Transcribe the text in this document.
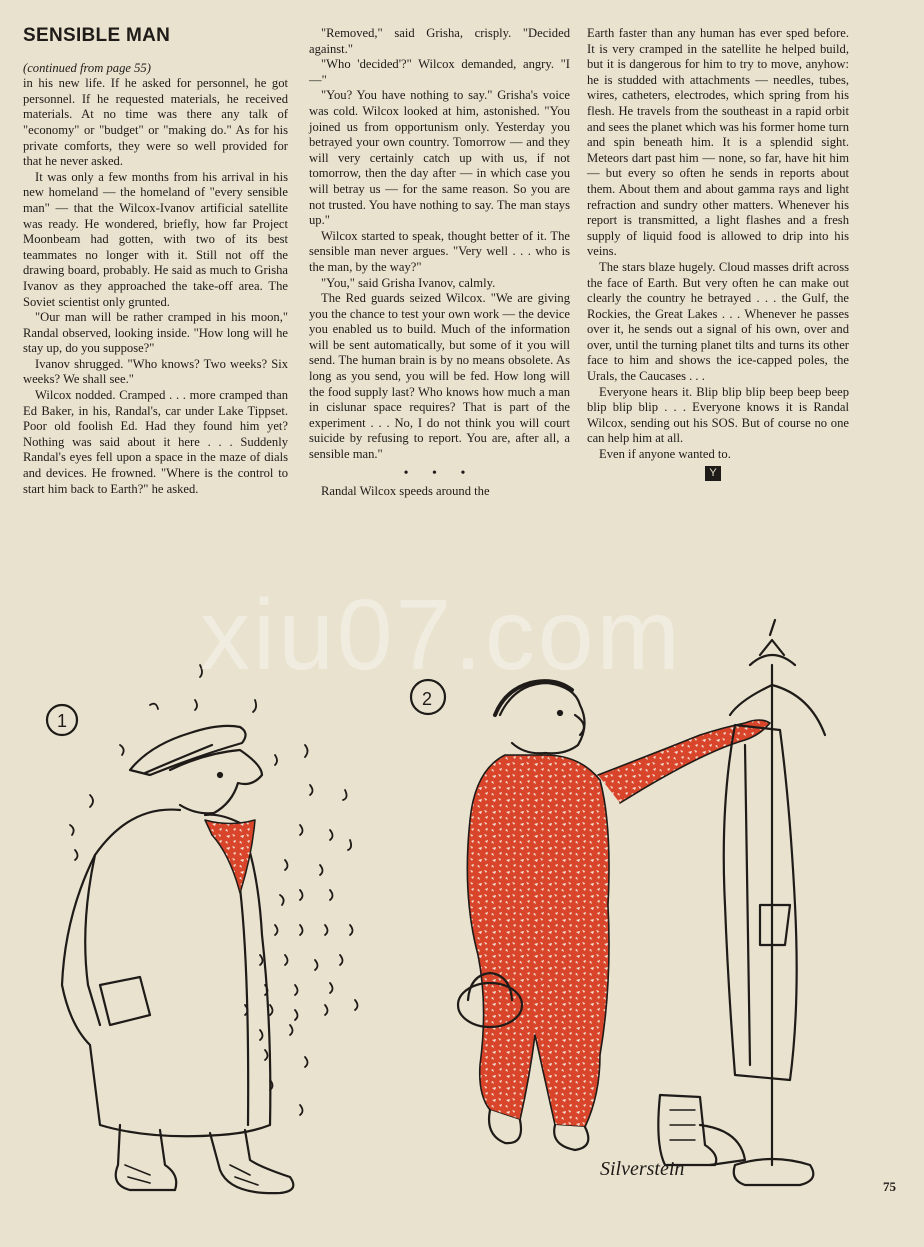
SENSIBLE MAN

(continued from page 55)

in his new life. If he asked for personnel, he got personnel. If he requested materials, he received materials. At no time was there any talk of "economy" or "budget" or "making do." As for his private comforts, they were so well provided for that he never asked.

It was only a few months from his arrival in his new homeland — the homeland of "every sensible man" — that the Wilcox-Ivanov artificial satellite was ready. He wondered, briefly, how far Project Moonbeam had gotten, with two of its best teammates no longer with it. Still not off the drawing board, probably. He said as much to Grisha Ivanov as they approached the take-off area. The Soviet scientist only grunted.

"Our man will be rather cramped in his moon," Randal observed, looking inside. "How long will he stay up, do you suppose?"

Ivanov shrugged. "Who knows? Two weeks? Six weeks? We shall see."

Wilcox nodded. Cramped . . . more cramped than Ed Baker, in his, Randal's, car under Lake Tippset. Poor old foolish Ed. Had they found him yet? Nothing was said about it here . . . Suddenly Randal's eyes fell upon a space in the maze of dials and devices. He frowned. "Where is the control to start him back to Earth?" he asked.

"Removed," said Grisha, crisply. "Decided against."

"Who 'decided'?" Wilcox demanded, angry. "I —"

"You? You have nothing to say." Grisha's voice was cold. Wilcox looked at him, astonished. "You joined us from opportunism only. Yesterday you betrayed your own country. Tomorrow — and they will very certainly catch up with us, if not tomorrow, then the day after — in which case you will betray us — for the same reason. So you are not trusted. You have nothing to say. The man stays up."

Wilcox started to speak, thought better of it. The sensible man never argues. "Very well . . . who is the man, by the way?"

"You," said Grisha Ivanov, calmly.

The Red guards seized Wilcox. "We are giving you the chance to test your own work — the device you enabled us to build. Much of the information will be sent automatically, but some of it you will send. The human brain is by no means obsolete. As long as you send, you will be fed. How long will the food supply last? Who knows how much a man in cislunar space requires? That is part of the experiment . . . No, I do not think you will court suicide by refusing to report. You are, after all, a sensible man."

• • •

Randal Wilcox speeds around the

Earth faster than any human has ever sped before. It is very cramped in the satellite he helped build, but it is dangerous for him to try to move, anyhow: he is studded with attachments — needles, tubes, wires, catheters, electrodes, which spring from his flesh. He travels from the southeast in a rapid orbit and sees the planet which was his former home turn and spin beneath him. It is a splendid sight. Meteors dart past him — none, so far, have hit him — but every so often he sends in reports about them. About them and about gamma rays and light refraction and sundry other matters. Whenever his report is transmitted, a light flashes and a fresh supply of liquid food is allowed to drip into his veins.

The stars blaze hugely. Cloud masses drift across the face of Earth. But very often he can make out clearly the country he betrayed . . . the Gulf, the Rockies, the Great Lakes . . . Whenever he passes over it, he sends out a signal of his own, over and over, until the turning planet tilts and turns its other face to him and shows the ice-capped poles, the Urals, the Caucases . . .

Everyone hears it. Blip blip blip beep beep beep blip blip blip . . . Everyone knows it is Randal Wilcox, sending out his SOS. But of course no one can help him at all.

Even if anyone wanted to.

Y
1
2
Silverstein
xiu07.com
75
